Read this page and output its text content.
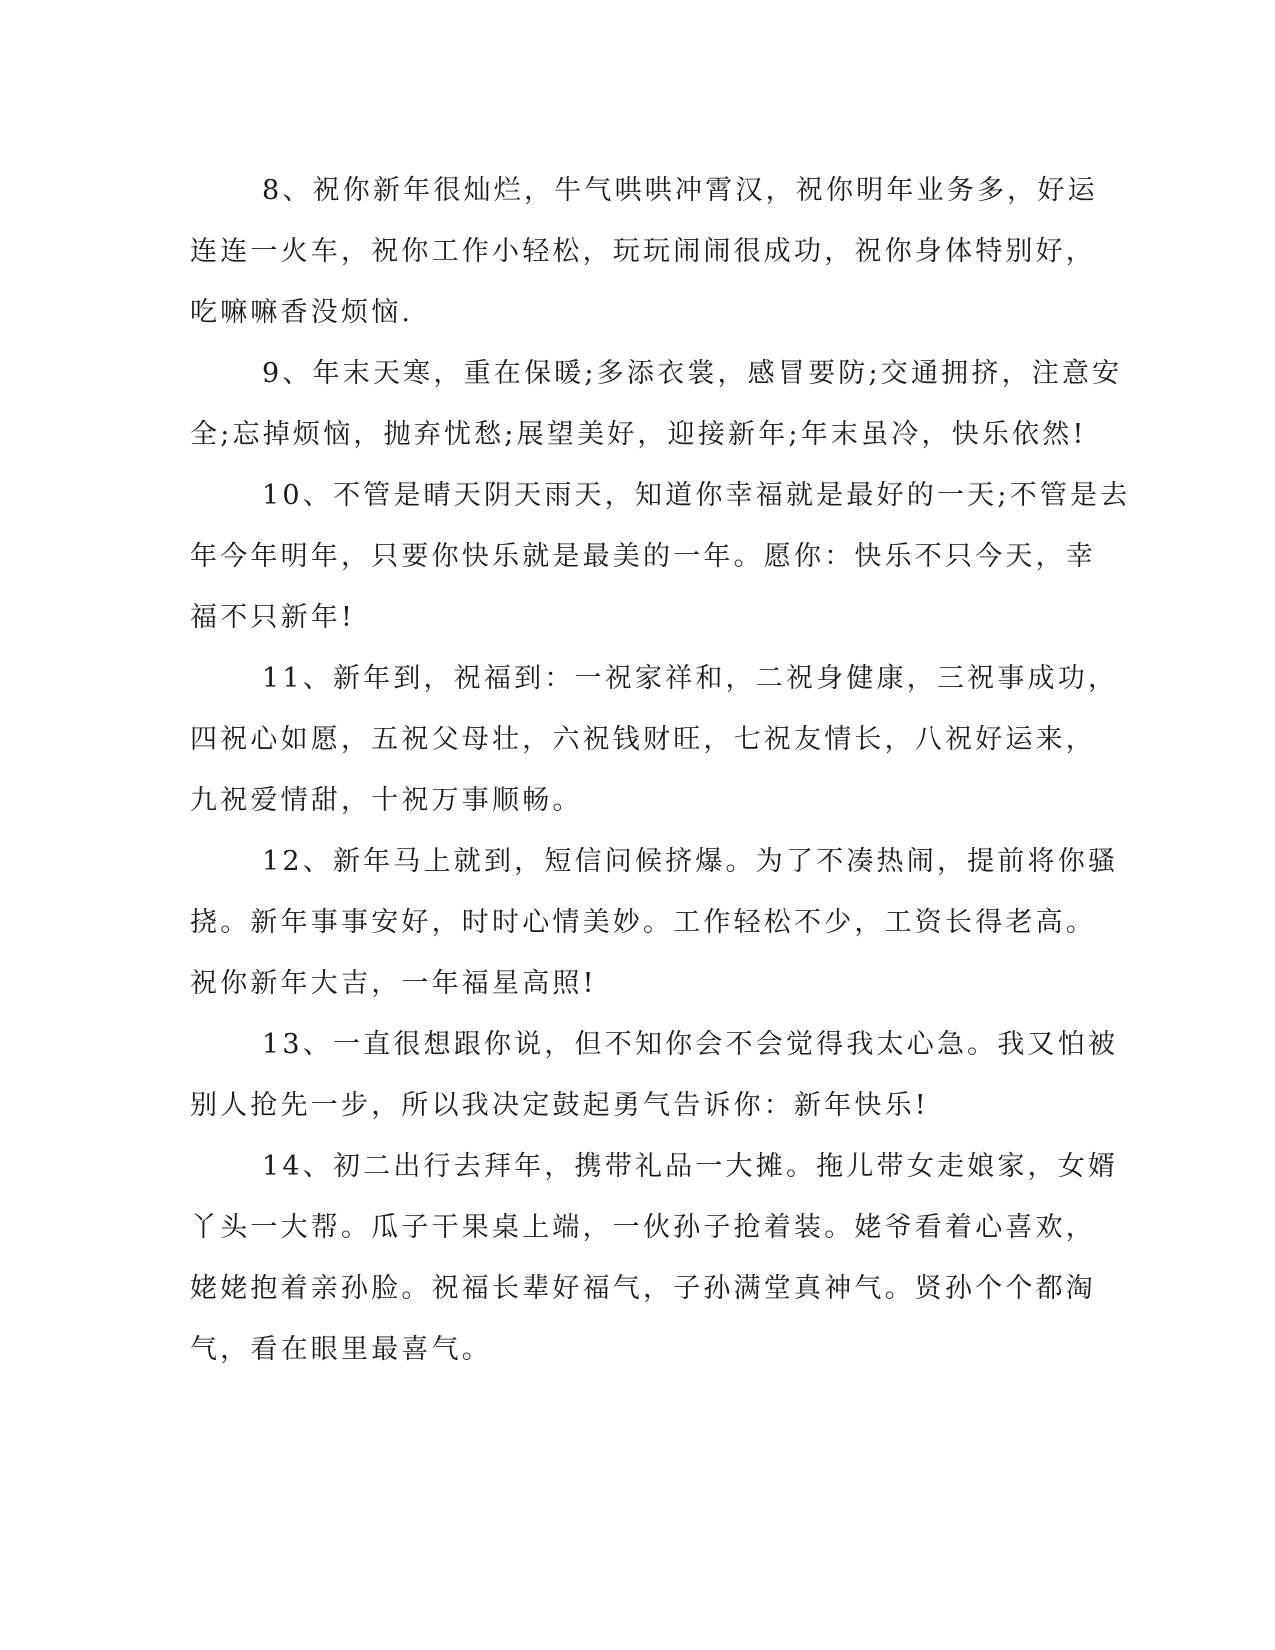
8、祝你新年很灿烂，牛气哄哄冲霄汉，祝你明年业务多，好运
连连一火车，祝你工作小轻松，玩玩闹闹很成功，祝你身体特别好，
吃嘛嘛香没烦恼.

9、年末天寒，重在保暖;多添衣裳，感冒要防;交通拥挤，注意安
全;忘掉烦恼，抛弃忧愁;展望美好，迎接新年;年末虽冷，快乐依然!

10、不管是晴天阴天雨天，知道你幸福就是最好的一天;不管是去
年今年明年，只要你快乐就是最美的一年。愿你：快乐不只今天，幸
福不只新年!

11、新年到，祝福到：一祝家祥和，二祝身健康，三祝事成功，
四祝心如愿，五祝父母壮，六祝钱财旺，七祝友情长，八祝好运来，
九祝爱情甜，十祝万事顺畅。

12、新年马上就到，短信问候挤爆。为了不凑热闹，提前将你骚
挠。新年事事安好，时时心情美妙。工作轻松不少，工资长得老高。
祝你新年大吉，一年福星高照!

13、一直很想跟你说，但不知你会不会觉得我太心急。我又怕被
别人抢先一步，所以我决定鼓起勇气告诉你：新年快乐!

14、初二出行去拜年，携带礼品一大摊。拖儿带女走娘家，女婿
丫头一大帮。瓜子干果桌上端，一伙孙子抢着装。姥爷看着心喜欢，
姥姥抱着亲孙脸。祝福长辈好福气，子孙满堂真神气。贤孙个个都淘
气，看在眼里最喜气。
